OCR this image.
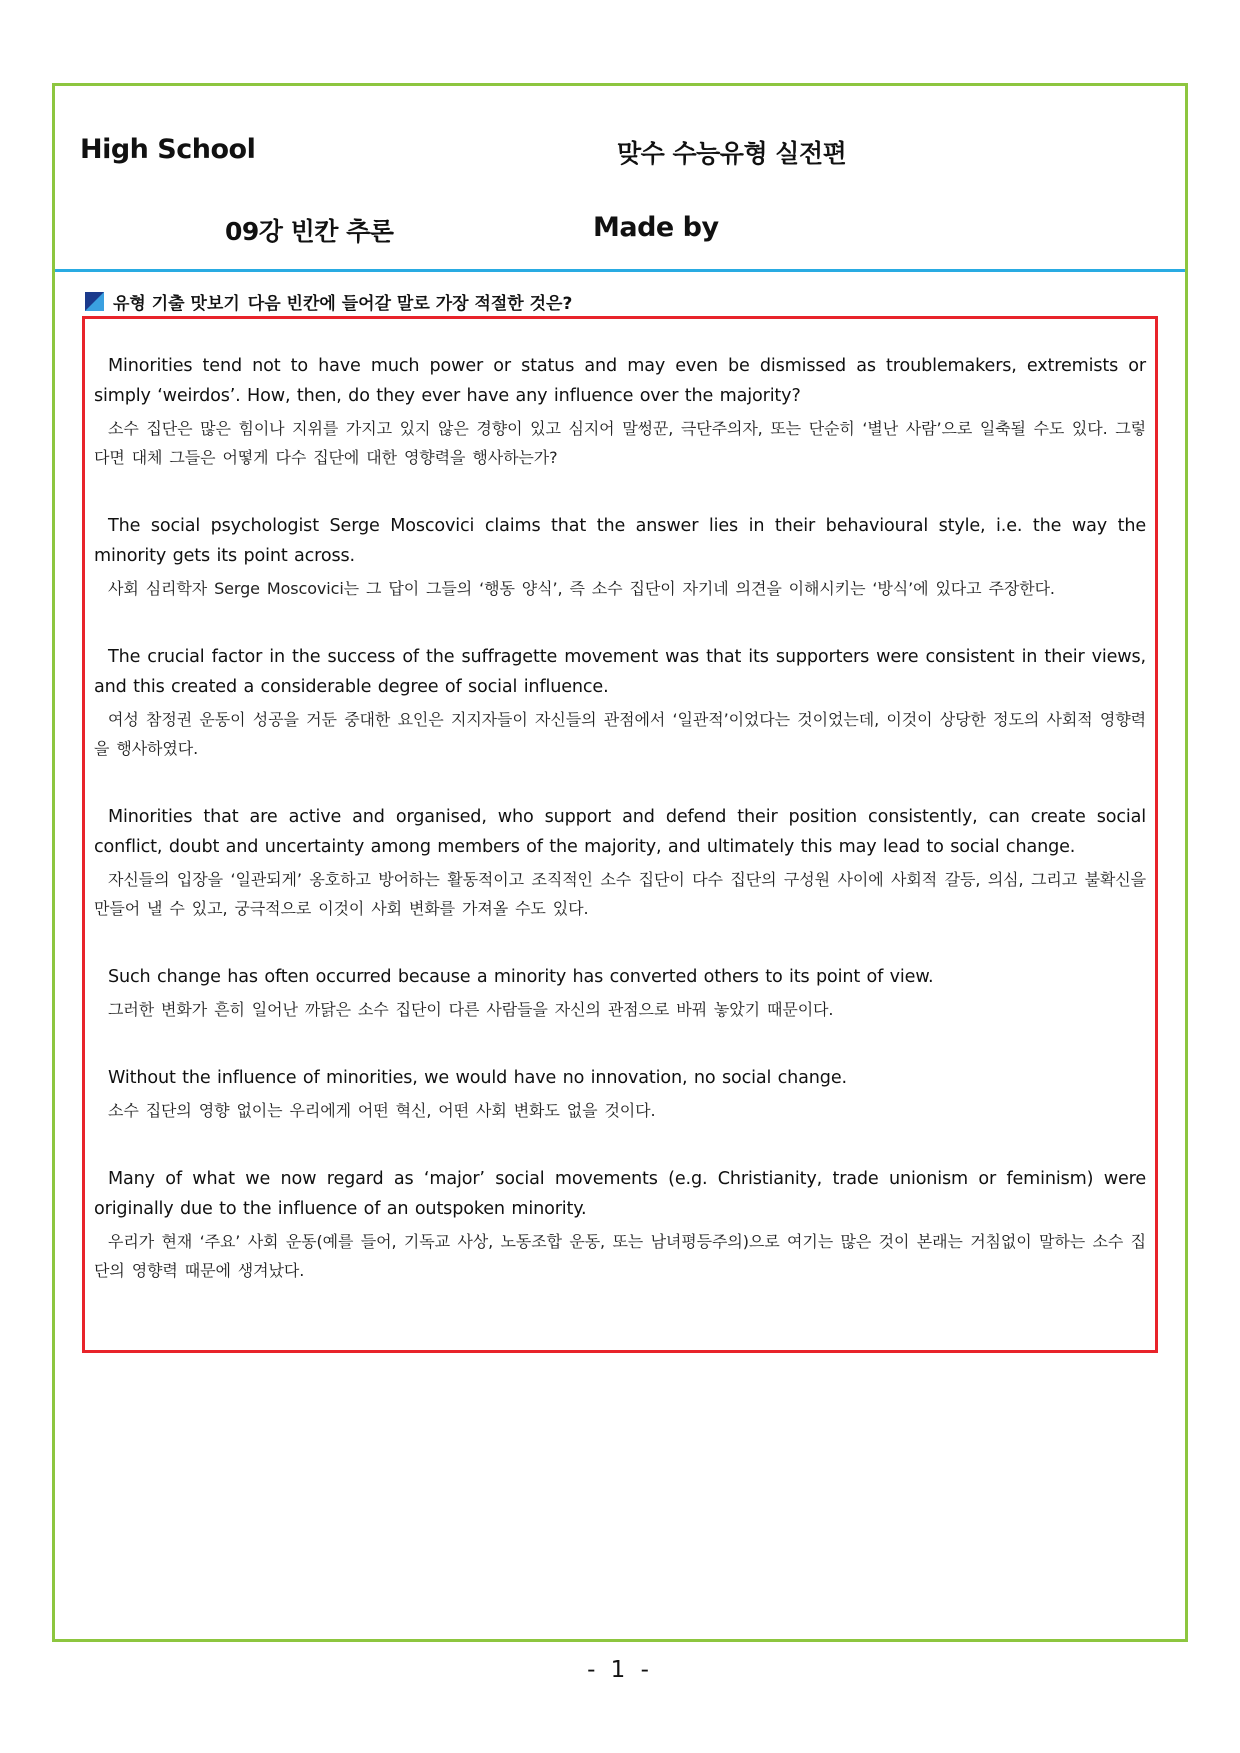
High School	맞수 수능유형 실전편
09강 빈칸 추론	Made by
유형 기출 맛보기 다음 빈칸에 들어갈 말로 가장 적절한 것은?

Minorities tend not to have much power or status and may even be dismissed as troublemakers, extremists or simply ‘weirdos’. How, then, do they ever have any influence over the majority?

소수 집단은 많은 힘이나 지위를 가지고 있지 않은 경향이 있고 심지어 말썽꾼, 극단주의자, 또는 단순히 ‘별난 사람’으로 일축될 수도 있다. 그렇다면 대체 그들은 어떻게 다수 집단에 대한 영향력을 행사하는가?

The social psychologist Serge Moscovici claims that the answer lies in their behavioural style, i.e. the way the minority gets its point across.

사회 심리학자 Serge Moscovici는 그 답이 그들의 ‘행동 양식’, 즉 소수 집단이 자기네 의견을 이해시키는 ‘방식’에 있다고 주장한다.

The crucial factor in the success of the suffragette movement was that its supporters were consistent in their views, and this created a considerable degree of social influence.

여성 참정권 운동이 성공을 거둔 중대한 요인은 지지자들이 자신들의 관점에서 ‘일관적’이었다는 것이었는데, 이것이 상당한 정도의 사회적 영향력을 행사하였다.

Minorities that are active and organised, who support and defend their position consistently, can create social conflict, doubt and uncertainty among members of the majority, and ultimately this may lead to social change.

자신들의 입장을 ‘일관되게’ 옹호하고 방어하는 활동적이고 조직적인 소수 집단이 다수 집단의 구성원 사이에 사회적 갈등, 의심, 그리고 불확신을 만들어 낼 수 있고, 궁극적으로 이것이 사회 변화를 가져올 수도 있다.

Such change has often occurred because a minority has converted others to its point of view.

그러한 변화가 흔히 일어난 까닭은 소수 집단이 다른 사람들을 자신의 관점으로 바꿔 놓았기 때문이다.

Without the influence of minorities, we would have no innovation, no social change.

소수 집단의 영향 없이는 우리에게 어떤 혁신, 어떤 사회 변화도 없을 것이다.

Many of what we now regard as ‘major’ social movements (e.g. Christianity, trade unionism or feminism) were originally due to the influence of an outspoken minority.

우리가 현재 ‘주요’ 사회 운동(예를 들어, 기독교 사상, 노동조합 운동, 또는 남녀평등주의)으로 여기는 많은 것이 본래는 거침없이 말하는 소수 집단의 영향력 때문에 생겨났다.

- 1 -
